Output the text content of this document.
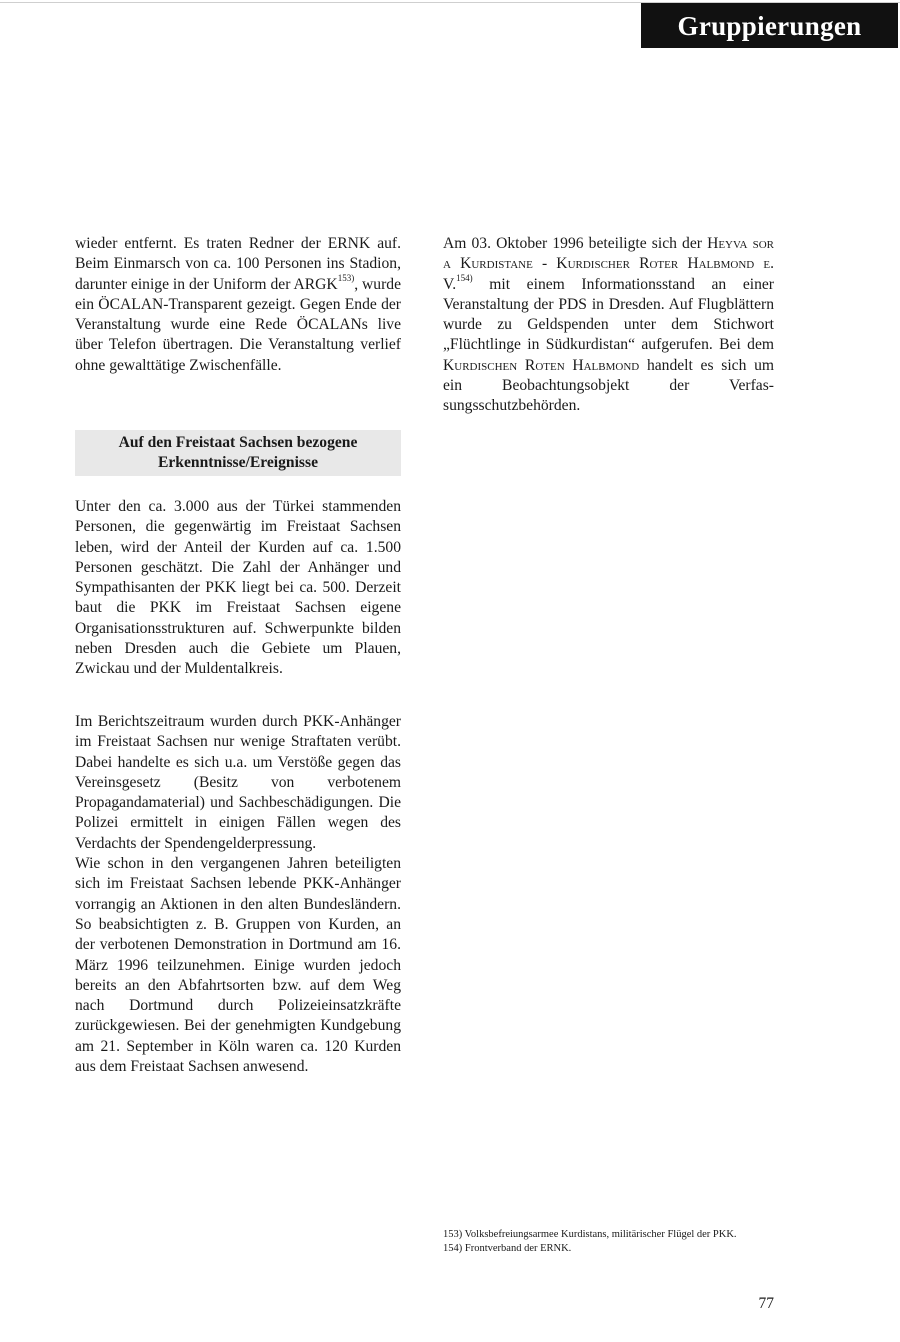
Gruppierungen

wieder entfernt. Es traten Redner der ERNK auf. Beim Einmarsch von ca. 100 Personen ins Stadion, darunter einige in der Uniform der ARGK$^{153)}$, wurde ein ÖCALAN-Transparent gezeigt. Gegen Ende der Veranstaltung wurde eine Rede ÖCALANs live über Telefon übertragen. Die Veranstaltung verlief ohne gewalttätige Zwischenfälle.

Am 03. Oktober 1996 beteiligte sich der Heyva sor a Kurdistane - Kurdischer Roter Halbmond e. V.$^{154)}$ mit einem Informationsstand an einer Veranstaltung der PDS in Dresden. Auf Flugblättern wurde zu Geldspenden unter dem Stichwort „Flüchtlinge in Südkurdistan“ aufgerufen. Bei dem Kurdischen Roten Halbmond handelt es sich um ein Beobachtungsobjekt der Verfassungsschutzbehörden.

Auf den Freistaat Sachsen bezogene
Erkenntnisse/Ereignisse

Unter den ca. 3.000 aus der Türkei stammenden Personen, die gegenwärtig im Freistaat Sachsen leben, wird der Anteil der Kurden auf ca. 1.500 Personen geschätzt. Die Zahl der Anhänger und Sympathisanten der PKK liegt bei ca. 500. Derzeit baut die PKK im Freistaat Sachsen eigene Organisationsstrukturen auf. Schwerpunkte bilden neben Dresden auch die Gebiete um Plauen, Zwickau und der Muldentalkreis.

Im Berichtszeitraum wurden durch PKK-Anhänger im Freistaat Sachsen nur wenige Straftaten verübt. Dabei handelte es sich u.a. um Verstöße gegen das Vereinsgesetz (Besitz von verbotenem Propagandamaterial) und Sachbeschädigungen. Die Polizei ermittelt in einigen Fällen wegen des Verdachts der Spendengelderpressung.

Wie schon in den vergangenen Jahren beteiligten sich im Freistaat Sachsen lebende PKK-Anhänger vorrangig an Aktionen in den alten Bundesländern. So beabsichtigten z. B. Gruppen von Kurden, an der verbotenen Demonstration in Dortmund am 16. März 1996 teilzunehmen. Einige wurden jedoch bereits an den Abfahrtsorten bzw. auf dem Weg nach Dortmund durch Polizeieinsatzkräfte zurückgewiesen. Bei der genehmigten Kundgebung am 21. September in Köln waren ca. 120 Kurden aus dem Freistaat Sachsen anwesend.

153) Volksbefreiungsarmee Kurdistans, militärischer Flügel der PKK.
154) Frontverband der ERNK.
77
